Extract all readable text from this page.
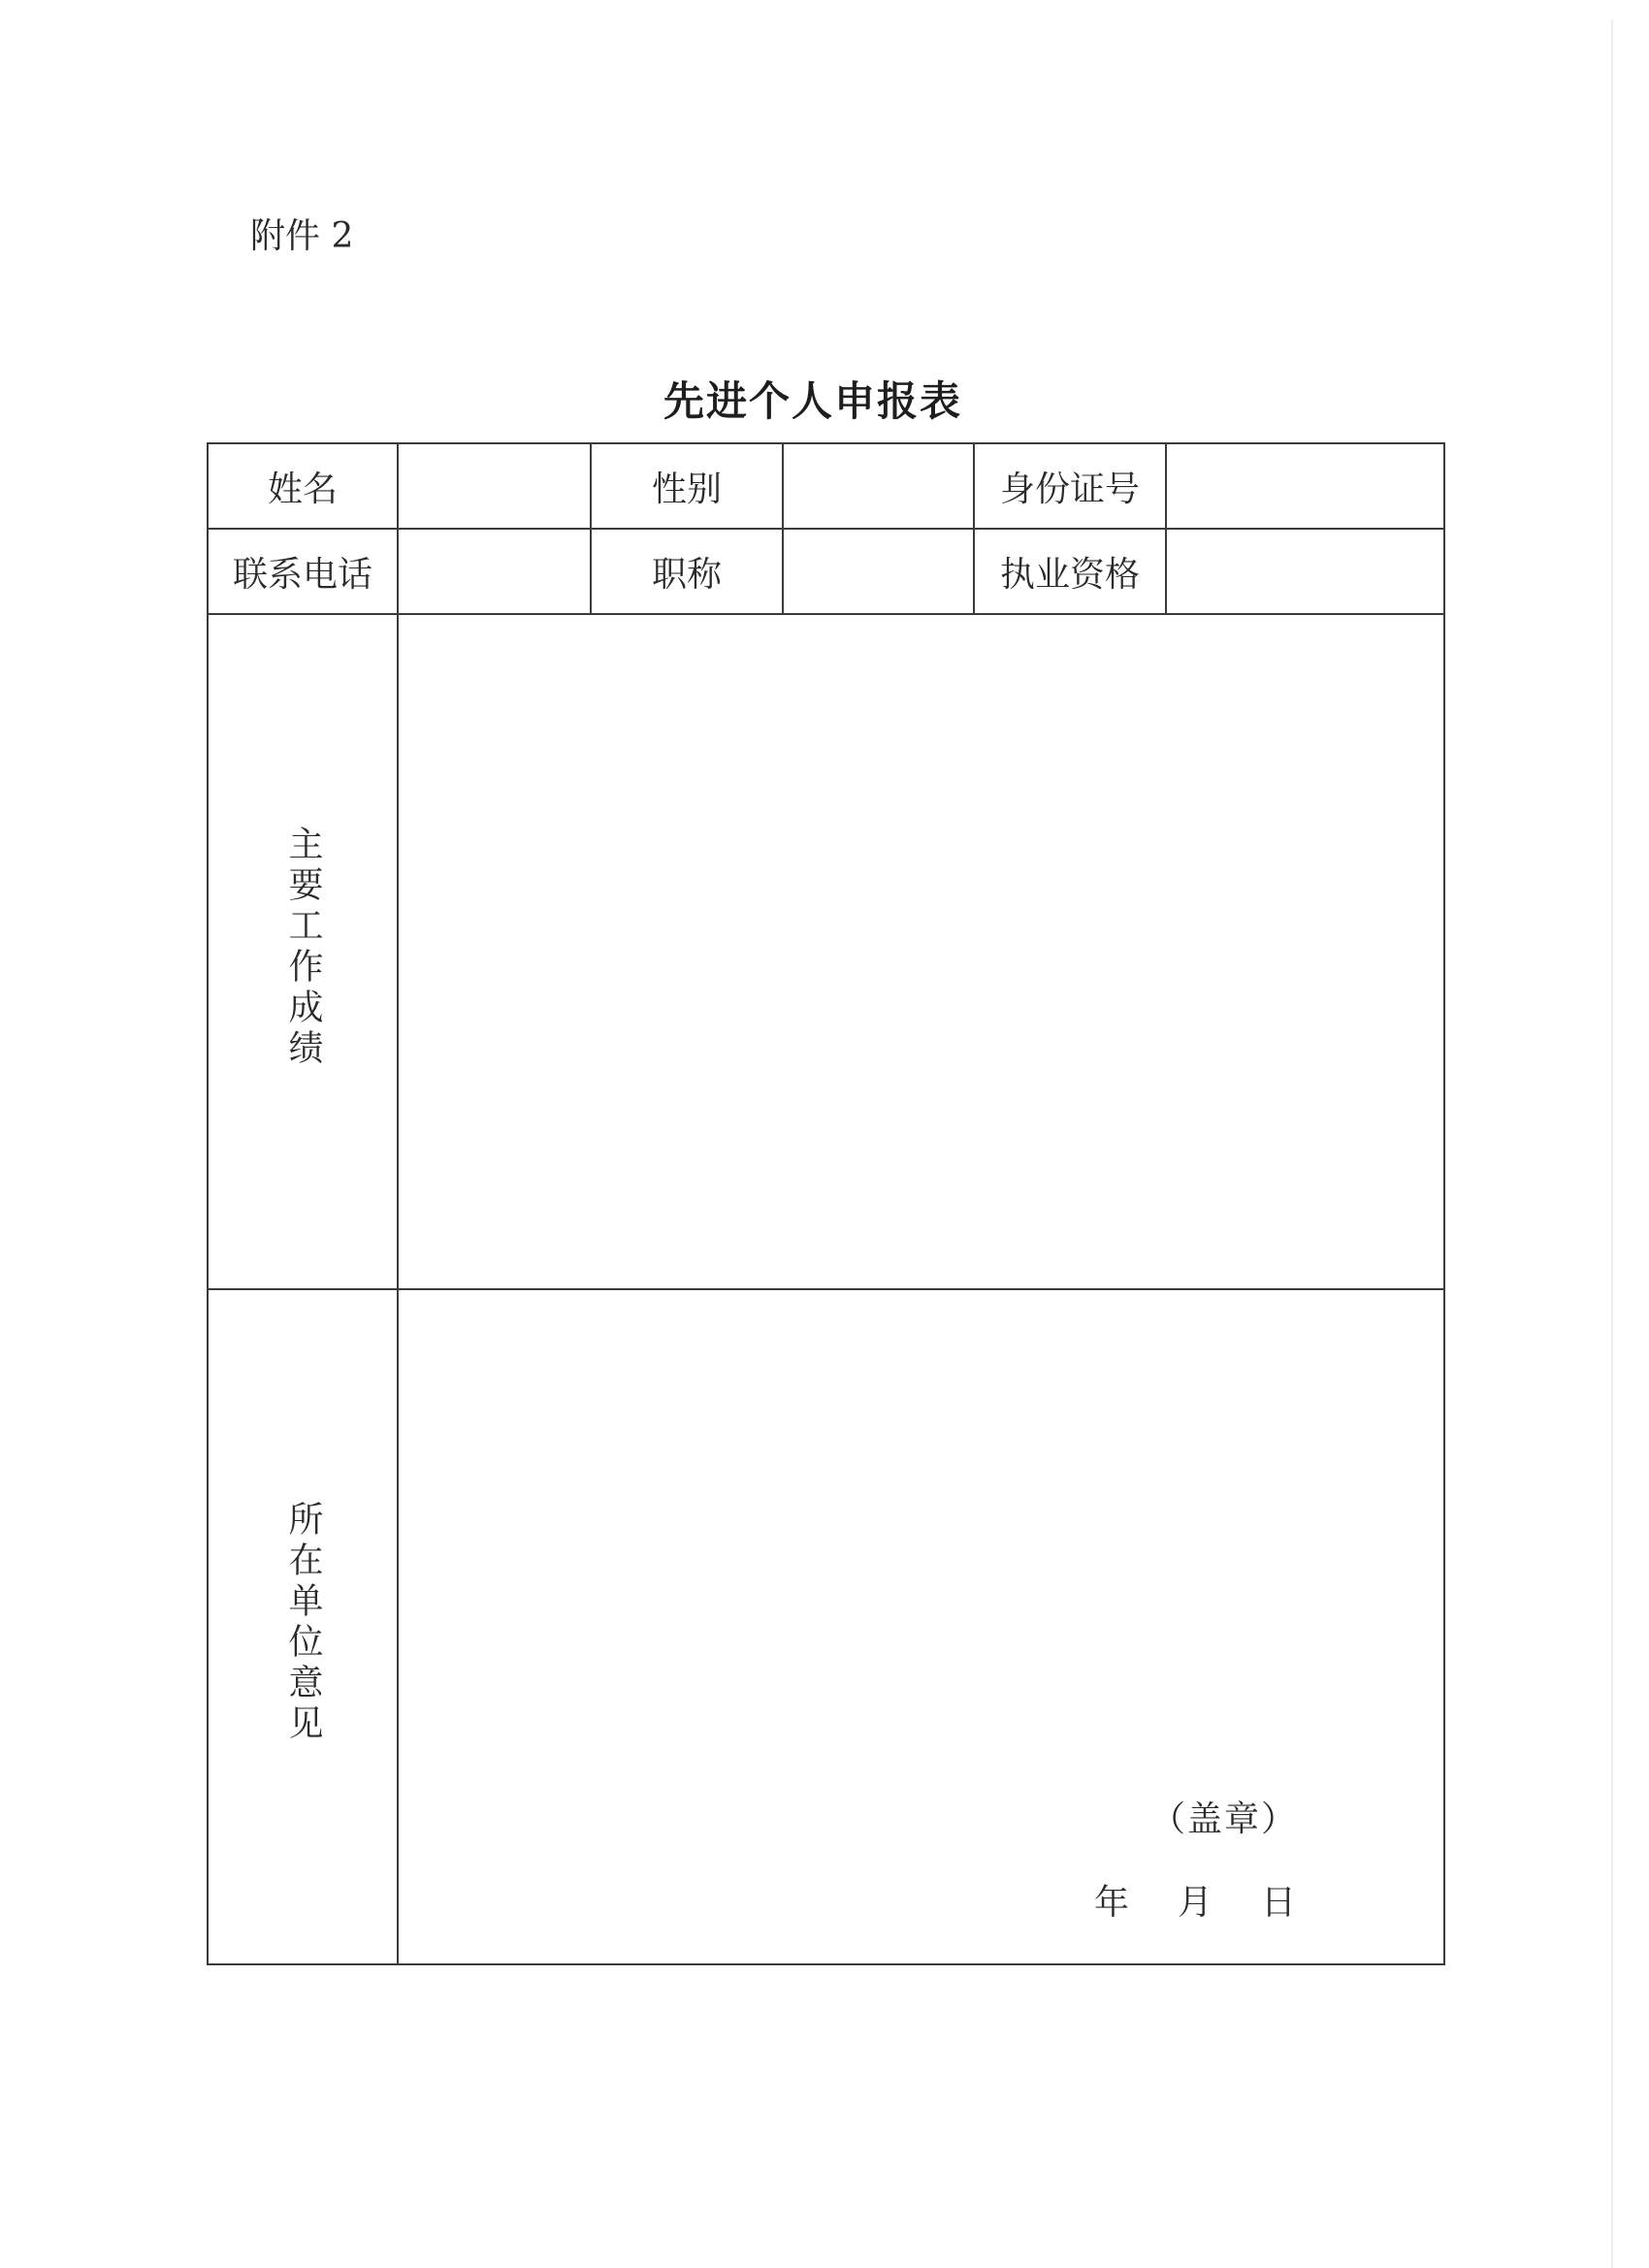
附件 2
先进个人申报表
姓名		性别		身份证号	
联系电话		职称		执业资格	
主要工作成绩					
所在单位意见	（盖章）
年 月 日				
